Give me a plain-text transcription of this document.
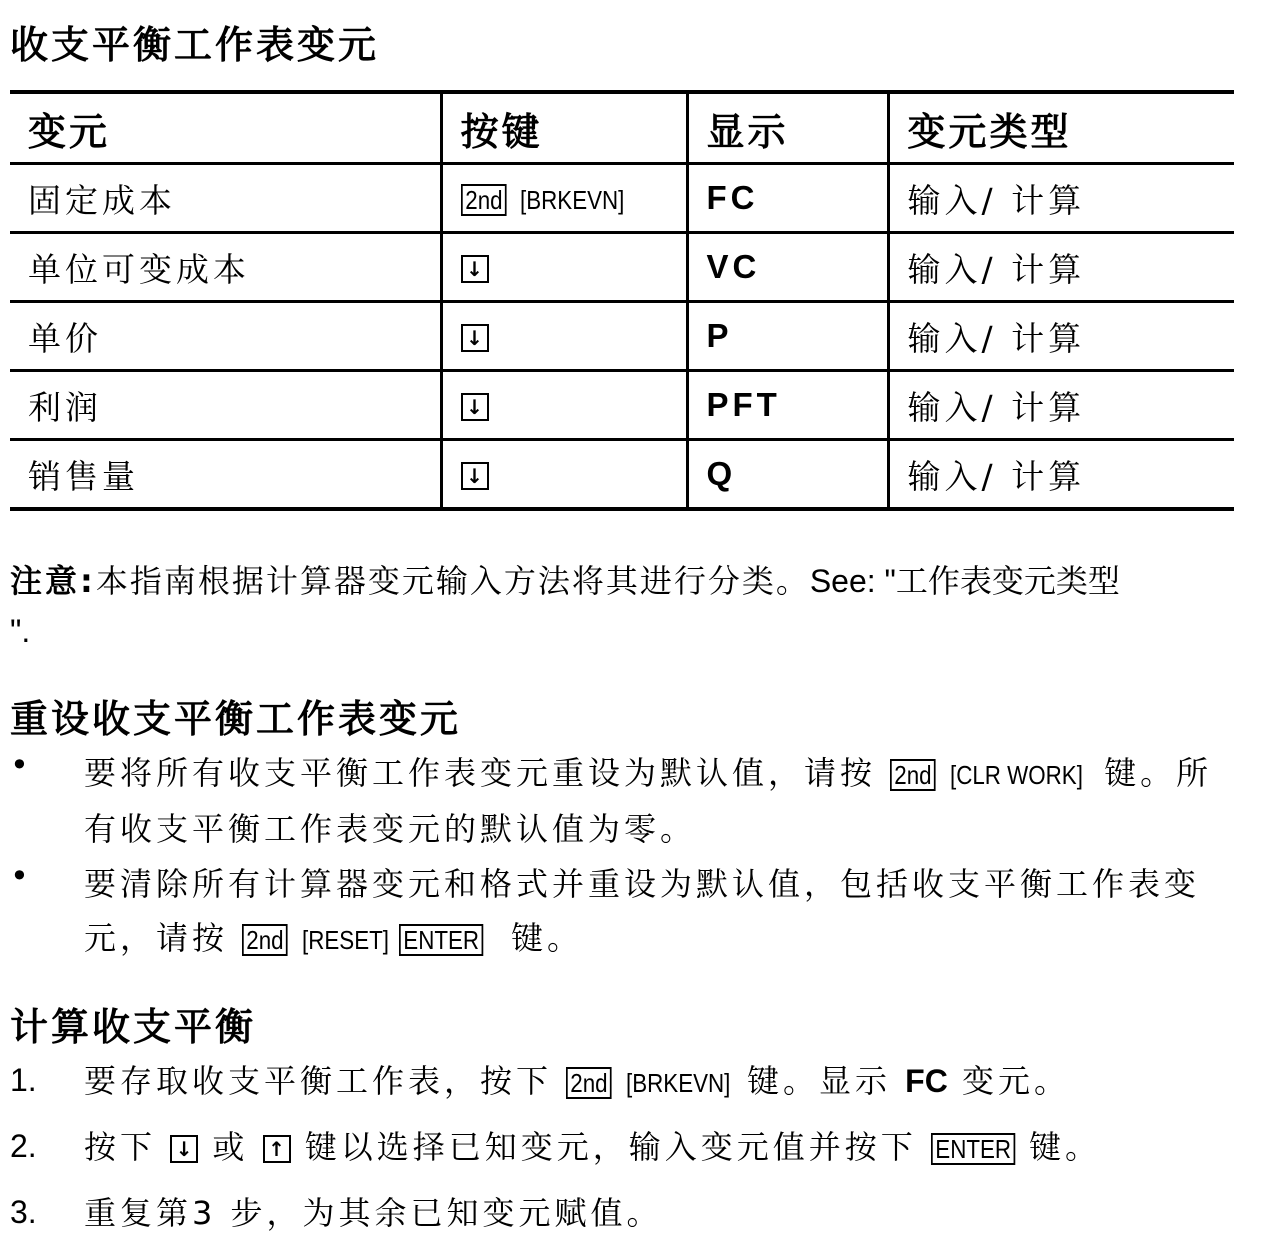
收支平衡工作表变元
变元	按键	显示	变元类型
固定成本	2nd [BRKEVN]	FC	输入/ 计算
单位可变成本	↓	VC	输入/ 计算
单价	↓	P	输入/ 计算
利润	↓	PFT	输入/ 计算
销售量	↓	Q	输入/ 计算
注意:本指南根据计算器变元输入方法将其进行分类。See: "工作表变元类型
".
重设收支平衡工作表变元
• 要将所有收支平衡工作表变元重设为默认值，请按 2nd [CLR WORK] 键。所
有收支平衡工作表变元的默认值为零。
• 要清除所有计算器变元和格式并重设为默认值，包括收支平衡工作表变
元，请按 2nd [RESET] ENTER 键。
计算收支平衡
1. 要存取收支平衡工作表，按下 2nd [BRKEVN] 键。显示 FC 变元。
2. 按下 ↓ 或 ↑ 键以选择已知变元，输入变元值并按下 ENTER 键。
3. 重复第3 步，为其余已知变元赋值。
